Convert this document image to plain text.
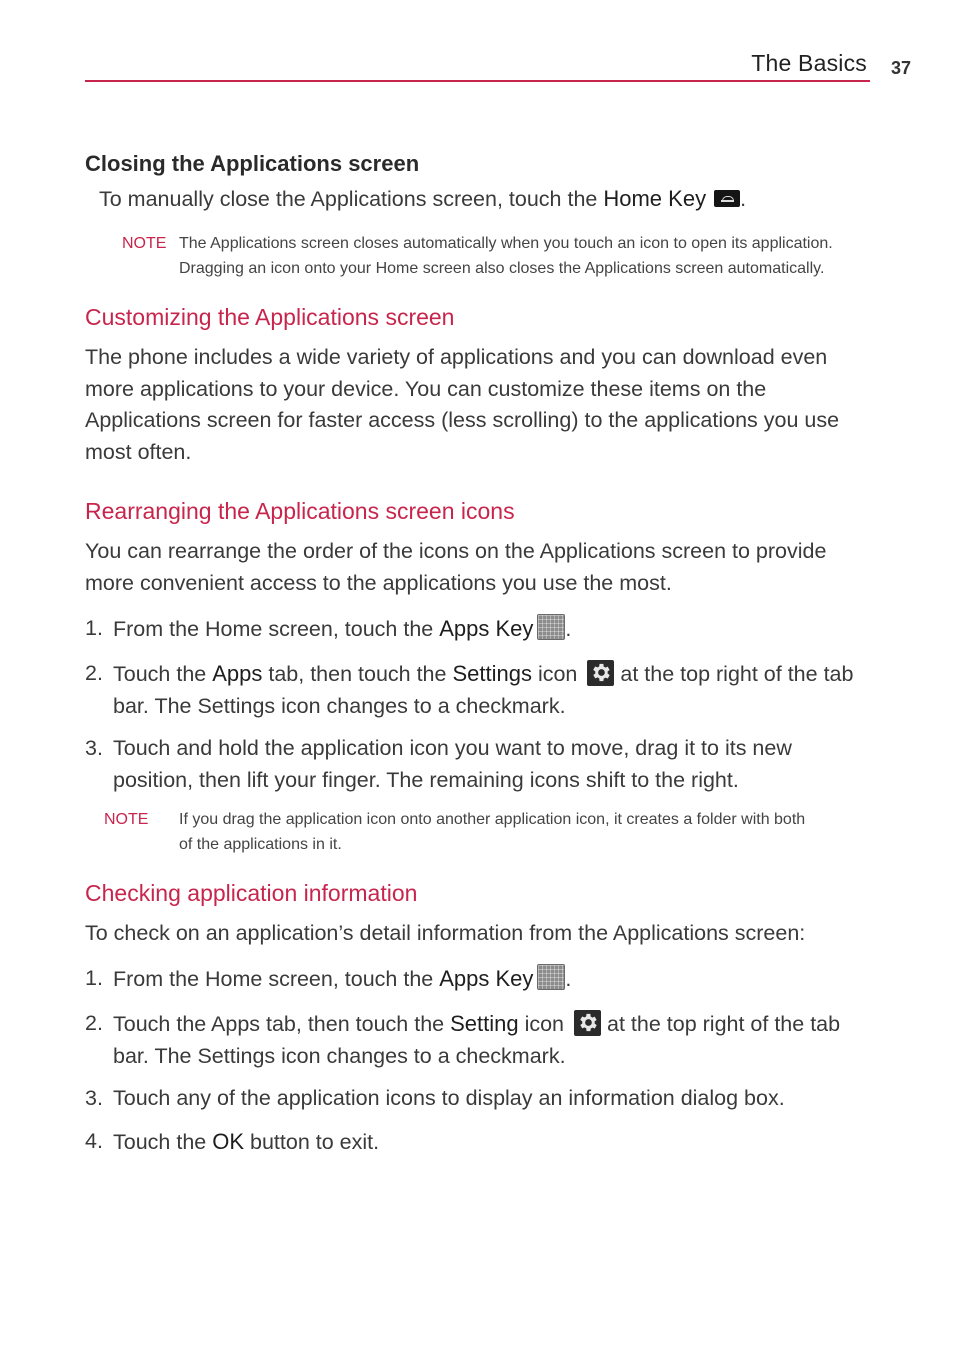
The Basics 37
Closing the Applications screen
To manually close the Applications screen, touch the Home Key .
NOTE The Applications screen closes automatically when you touch an icon to open its application.
Dragging an icon onto your Home screen also closes the Applications screen automatically.
Customizing the Applications screen
The phone includes a wide variety of applications and you can download even more applications to your device. You can customize these items on the Applications screen for faster access (less scrolling) to the applications you use most often.
Rearranging the Applications screen icons
You can rearrange the order of the icons on the Applications screen to provide more convenient access to the applications you use the most.
1. From the Home screen, touch the Apps Key .
2. Touch the Apps tab, then touch the Settings icon at the top right of the tab bar. The Settings icon changes to a checkmark.
3. Touch and hold the application icon you want to move, drag it to its new position, then lift your finger. The remaining icons shift to the right.
NOTE If you drag the application icon onto another application icon, it creates a folder with both
of the applications in it.
Checking application information
To check on an application’s detail information from the Applications screen:
1. From the Home screen, touch the Apps Key .
2. Touch the Apps tab, then touch the Setting icon at the top right of the tab bar. The Settings icon changes to a checkmark.
3. Touch any of the application icons to display an information dialog box.
4. Touch the OK button to exit.
